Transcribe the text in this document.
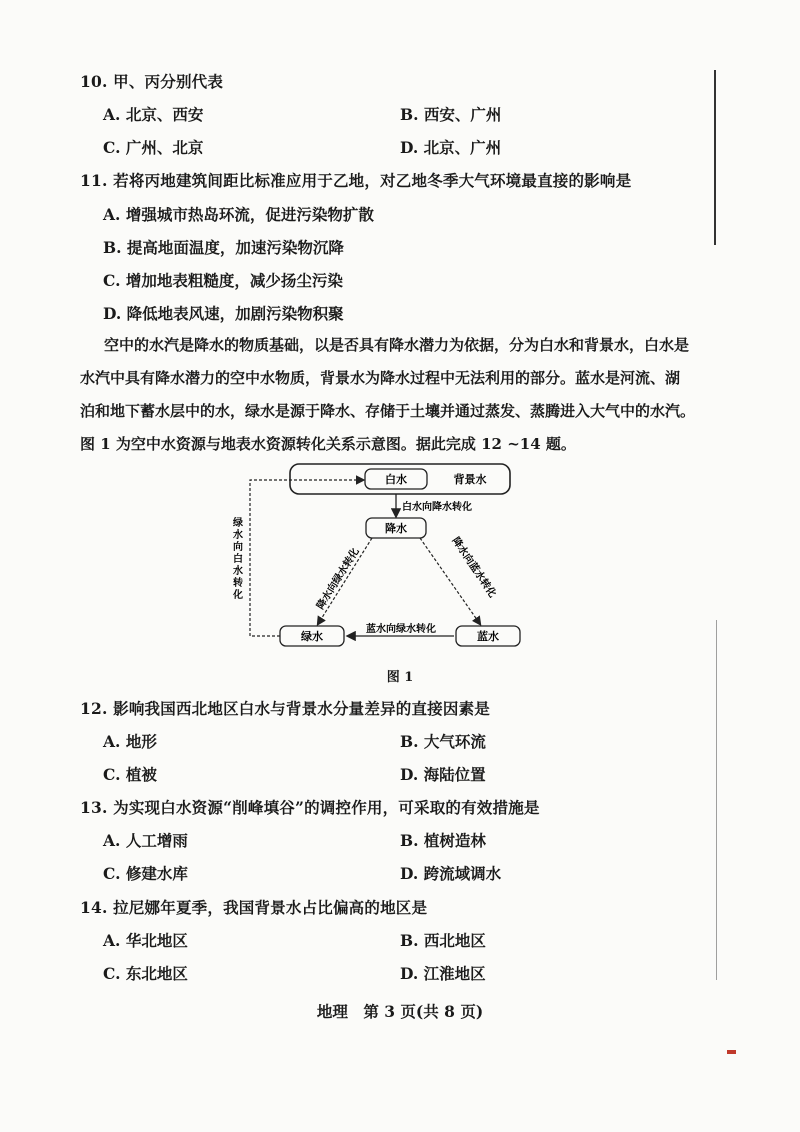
10. 甲、丙分别代表
A. 北京、西安	B. 西安、广州
C. 广州、北京	D. 北京、广州
11. 若将丙地建筑间距比标准应用于乙地，对乙地冬季大气环境最直接的影响是
A. 增强城市热岛环流，促进污染物扩散
B. 提高地面温度，加速污染物沉降
C. 增加地表粗糙度，减少扬尘污染
D. 降低地表风速，加剧污染物积聚
空中的水汽是降水的物质基础，以是否具有降水潜力为依据，分为白水和背景水，白水是
水汽中具有降水潜力的空中水物质，背景水为降水过程中无法利用的部分。蓝水是河流、湖
泊和地下蓄水层中的水，绿水是源于降水、存储于土壤并通过蒸发、蒸腾进入大气中的水汽。
图 1 为空中水资源与地表水资源转化关系示意图。据此完成 12 ~14 题。
白水	背景水
降水
白水向降水转化
绿水	蓝水
降水向绿水转化	降水向蓝水转化
蓝水向绿水转化
绿
水
向
白
水
转
化
图 1
12. 影响我国西北地区白水与背景水分量差异的直接因素是
A. 地形	B. 大气环流
C. 植被	D. 海陆位置
13. 为实现白水资源“削峰填谷”的调控作用，可采取的有效措施是
A. 人工增雨	B. 植树造林
C. 修建水库	D. 跨流域调水
14. 拉尼娜年夏季，我国背景水占比偏高的地区是
A. 华北地区	B. 西北地区
C. 东北地区	D. 江淮地区
地理　第 3 页(共 8 页)
